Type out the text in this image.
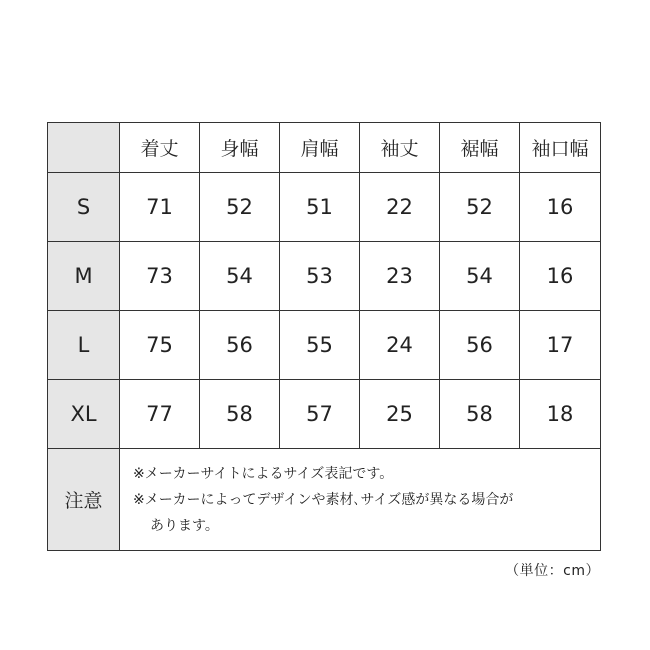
	着丈	身幅	肩幅	袖丈	裾幅	袖口幅
S	71	52	51	22	52	16
M	73	54	53	23	54	16
L	75	56	55	24	56	17
XL	77	58	57	25	58	18
注意	※メーカーサイトによるサイズ表記です。
※メーカーによってデザインや素材､サイズ感が異なる場合が
あります。					
（単位：cm）
